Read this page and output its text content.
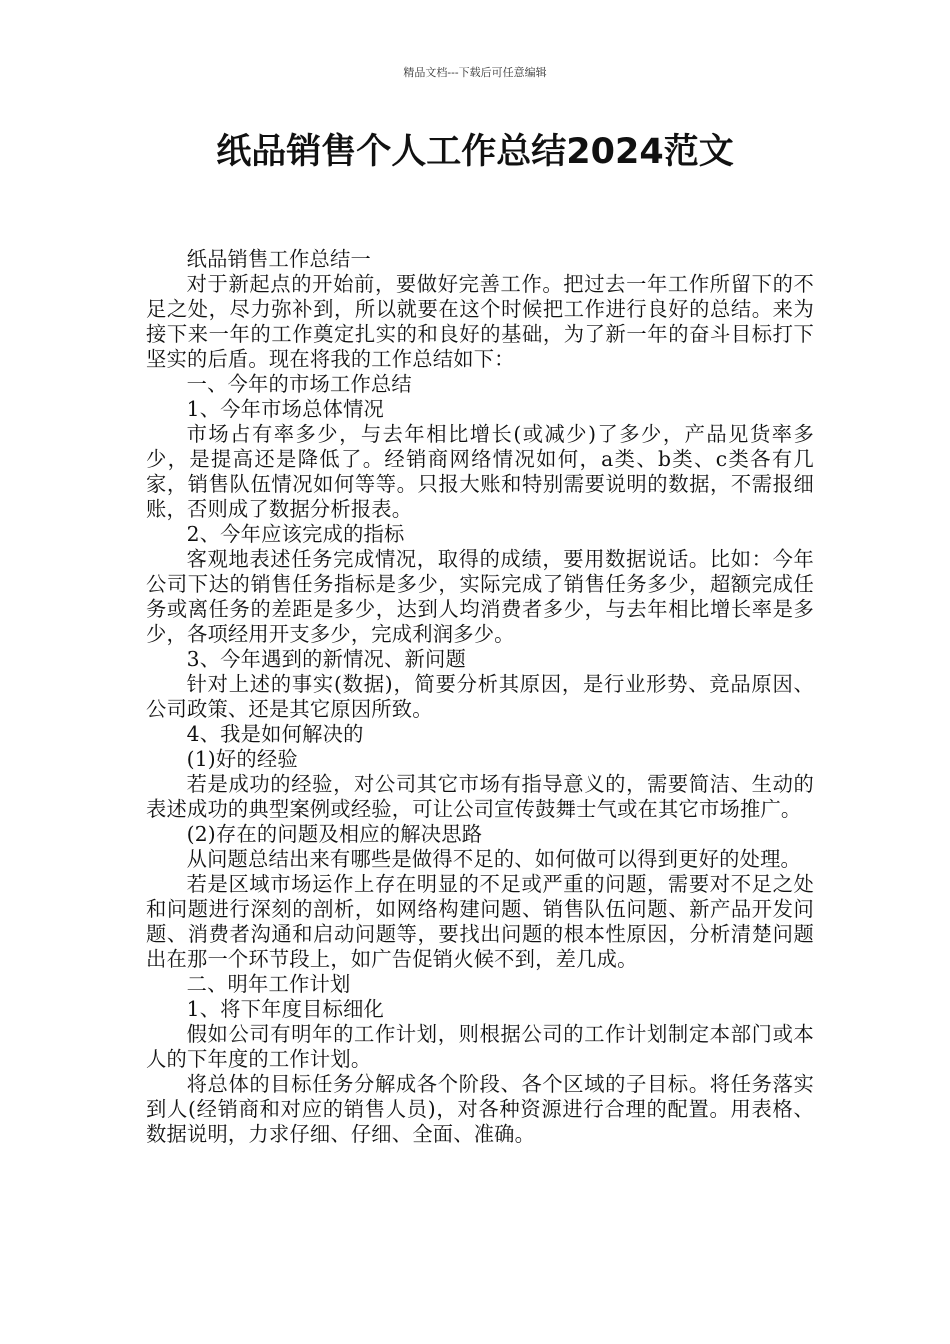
精品文档---下载后可任意编辑
纸品销售个人工作总结2024范文

纸品销售工作总结一

对于新起点的开始前，要做好完善工作。把过去一年工作所留下的不足之处，尽力弥补到，所以就要在这个时候把工作进行良好的总结。来为接下来一年的工作奠定扎实的和良好的基础，为了新一年的奋斗目标打下坚实的后盾。现在将我的工作总结如下：

一、今年的市场工作总结

1、今年市场总体情况

市场占有率多少，与去年相比增长(或减少)了多少，产品见货率多少，是提高还是降低了。经销商网络情况如何，a类、b类、c类各有几家，销售队伍情况如何等等。只报大账和特别需要说明的数据，不需报细账，否则成了数据分析报表。

2、今年应该完成的指标

客观地表述任务完成情况，取得的成绩，要用数据说话。比如：今年公司下达的销售任务指标是多少，实际完成了销售任务多少，超额完成任务或离任务的差距是多少，达到人均消费者多少，与去年相比增长率是多少，各项经用开支多少，完成利润多少。

3、今年遇到的新情况、新问题

针对上述的事实(数据)，简要分析其原因，是行业形势、竞品原因、公司政策、还是其它原因所致。

4、我是如何解决的

(1)好的经验

若是成功的经验，对公司其它市场有指导意义的，需要简洁、生动的表述成功的典型案例或经验，可让公司宣传鼓舞士气或在其它市场推广。

(2)存在的问题及相应的解决思路

从问题总结出来有哪些是做得不足的、如何做可以得到更好的处理。

若是区域市场运作上存在明显的不足或严重的问题，需要对不足之处和问题进行深刻的剖析，如网络构建问题、销售队伍问题、新产品开发问题、消费者沟通和启动问题等，要找出问题的根本性原因，分析清楚问题出在那一个环节段上，如广告促销火候不到，差几成。

二、明年工作计划

1、将下年度目标细化

假如公司有明年的工作计划，则根据公司的工作计划制定本部门或本人的下年度的工作计划。

将总体的目标任务分解成各个阶段、各个区域的子目标。将任务落实到人(经销商和对应的销售人员)，对各种资源进行合理的配置。用表格、数据说明，力求仔细、仔细、全面、准确。
